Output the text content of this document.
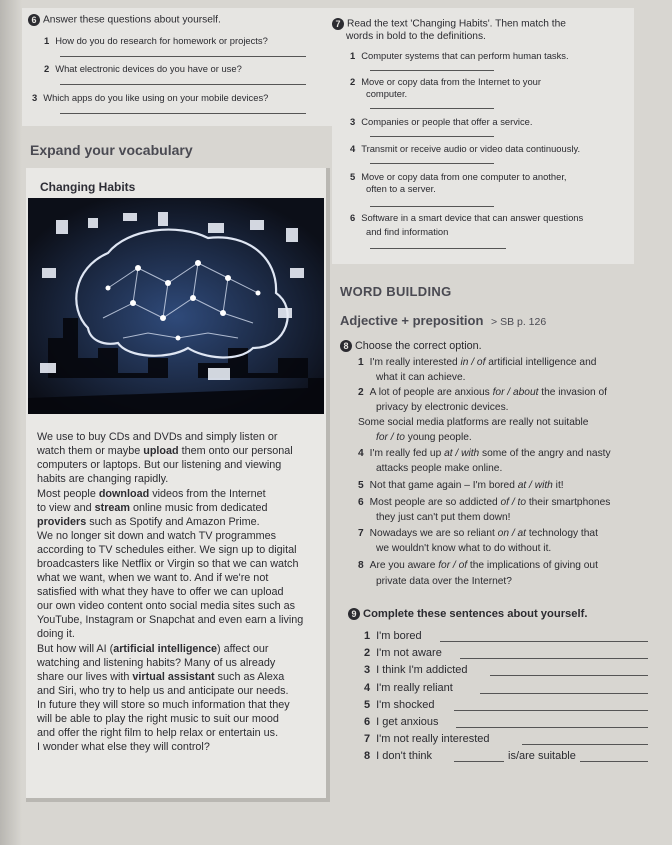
6 Answer these questions about yourself.
1 How do you do research for homework or projects?
2 What electronic devices do you have or use?
3 Which apps do you like using on your mobile devices?
Expand your vocabulary
Changing Habits
We use to buy CDs and DVDs and simply listen or
watch them or maybe upload them onto our personal
computers or laptops. But our listening and viewing
habits are changing rapidly.
Most people download videos from the Internet
to view and stream online music from dedicated
providers such as Spotify and Amazon Prime.
We no longer sit down and watch TV programmes
according to TV schedules either. We sign up to digital
broadcasters like Netflix or Virgin so that we can watch
what we want, when we want to. And if we're not
satisfied with what they have to offer we can upload
our own video content onto social media sites such as
YouTube, Instagram or Snapchat and even earn a living
doing it.
But how will AI (artificial intelligence) affect our
watching and listening habits? Many of us already
share our lives with virtual assistant such as Alexa
and Siri, who try to help us and anticipate our needs.
In future they will store so much information that they
will be able to play the right music to suit our mood
and offer the right film to help relax or entertain us.
I wonder what else they will control?
7 Read the text 'Changing Habits'. Then match the
words in bold to the definitions.
1 Computer systems that can perform human tasks.
2 Move or copy data from the Internet to your
computer.
3 Companies or people that offer a service.
4 Transmit or receive audio or video data continuously.
5 Move or copy data from one computer to another,
often to a server.
6 Software in a smart device that can answer questions
and find information
WORD BUILDING
Adjective + preposition > SB p. 126
8 Choose the correct option.
1 I'm really interested in / of artificial intelligence and
what it can achieve.
2 A lot of people are anxious for / about the invasion of
privacy by electronic devices.
Some social media platforms are really not suitable
for / to young people.
4 I'm really fed up at / with some of the angry and nasty
attacks people make online.
5 Not that game again – I'm bored at / with it!
6 Most people are so addicted of / to their smartphones
they just can't put them down!
7 Nowadays we are so reliant on / at technology that
we wouldn't know what to do without it.
8 Are you aware for / of the implications of giving out
private data over the Internet?
9 Complete these sentences about yourself.
1 I'm bored
2 I'm not aware
3 I think I'm addicted
4 I'm really reliant
5 I'm shocked
6 I get anxious
7 I'm not really interested
8 I don't think	is/are suitable
